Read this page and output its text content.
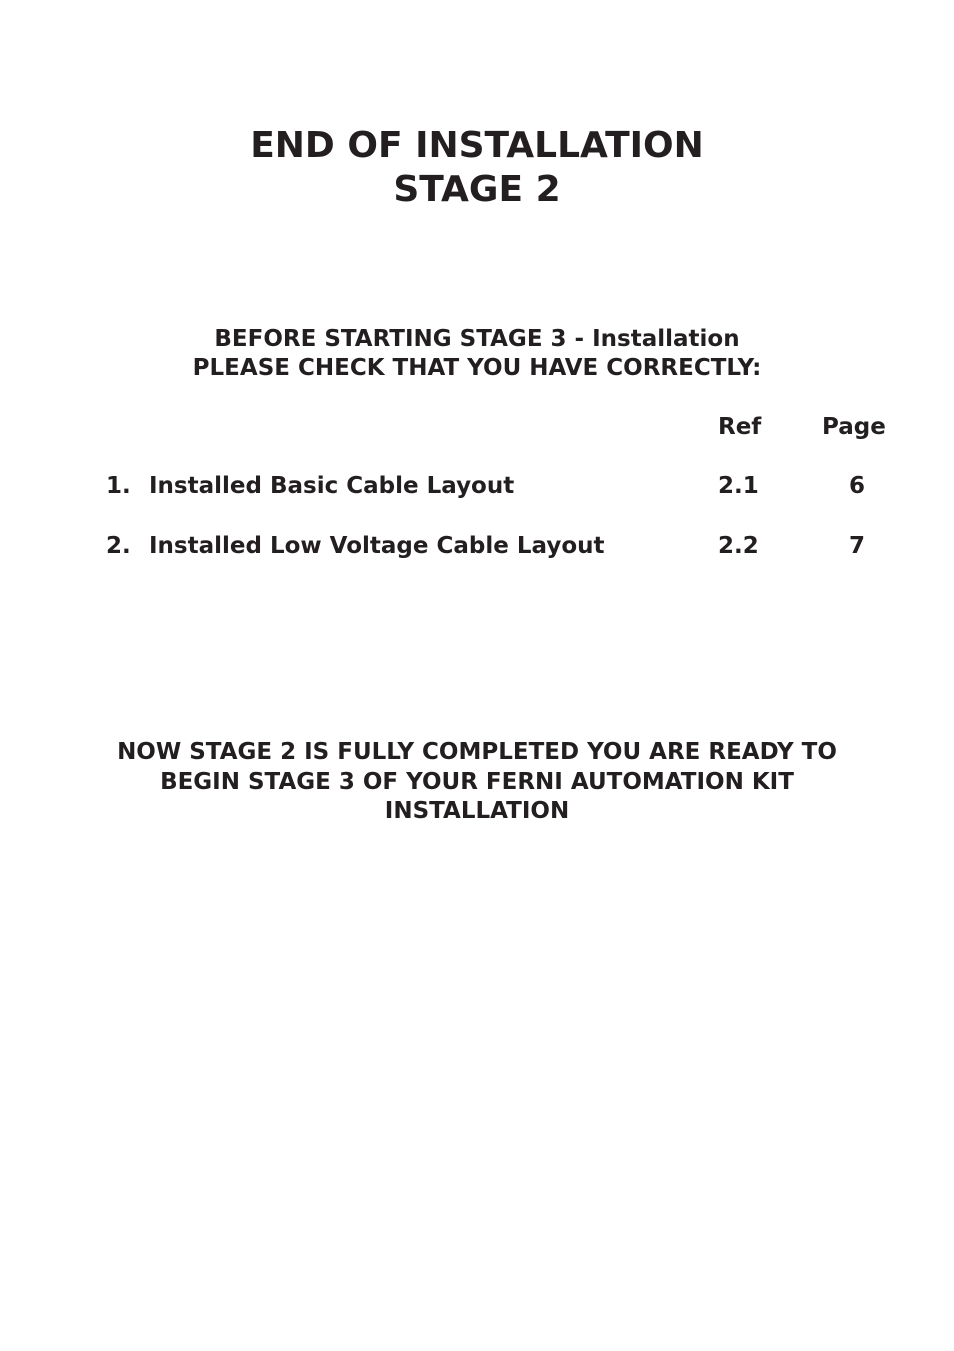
END OF INSTALLATION
STAGE 2
BEFORE STARTING STAGE 3 - Installation
PLEASE CHECK THAT YOU HAVE CORRECTLY:
Ref	Page
1. Installed Basic Cable Layout	2.1	6
2. Installed Low Voltage Cable Layout	2.2	7
NOW STAGE 2 IS FULLY COMPLETED YOU ARE READY TO
BEGIN STAGE 3 OF YOUR FERNI AUTOMATION KIT
INSTALLATION
